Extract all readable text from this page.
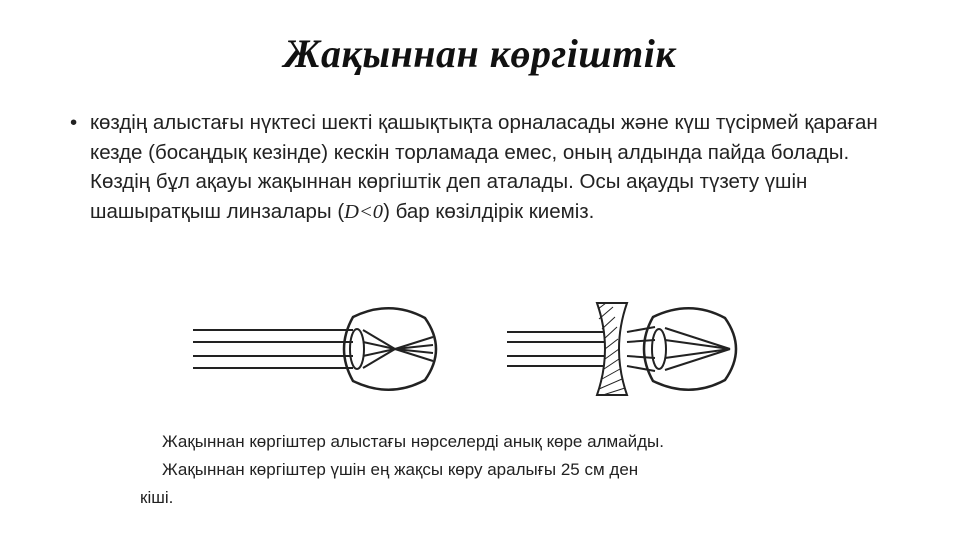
Жақыннан көргіштік
• көздің алыстағы нүктесі шекті қашықтықта орналасады және күш түсірмей қараған кезде (босаңдық кезінде) кескін торламада емес, оның алдында пайда болады. Көздің бұл ақауы жақыннан көргіштік деп аталады. Осы ақауды түзету үшін шашыратқыш линзалары (D<0) бар көзілдірік киеміз.

Жақыннан көргіштер алыстағы нәрселерді анық көре алмайды.

Жақыннан көргіштер үшін ең жақсы көру аралығы 25 см ден

кіші.
